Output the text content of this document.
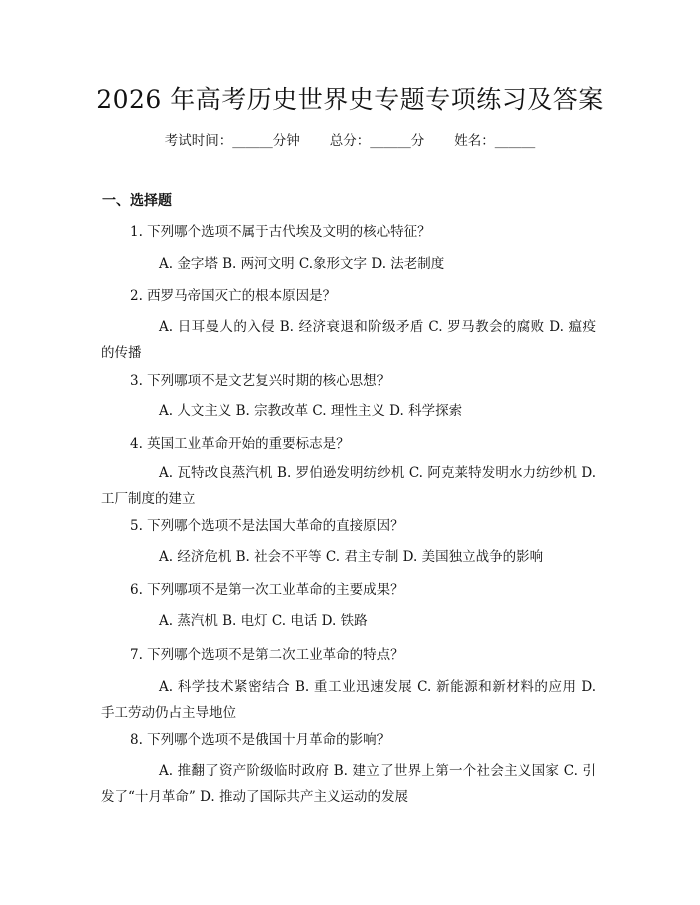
2026 年高考历史世界史专题专项练习及答案
考试时间：______分钟 总分：______分 姓名：______
一、选择题
1. 下列哪个选项不属于古代埃及文明的核心特征？
A. 金字塔 B. 两河文明 C.象形文字 D. 法老制度
2. 西罗马帝国灭亡的根本原因是？
A. 日耳曼人的入侵 B. 经济衰退和阶级矛盾 C. 罗马教会的腐败 D. 瘟疫的传播
3. 下列哪项不是文艺复兴时期的核心思想？
A. 人文主义 B. 宗教改革 C. 理性主义 D. 科学探索
4. 英国工业革命开始的重要标志是？
A. 瓦特改良蒸汽机 B. 罗伯逊发明纺纱机 C. 阿克莱特发明水力纺纱机 D. 工厂制度的建立
5. 下列哪个选项不是法国大革命的直接原因？
A. 经济危机 B. 社会不平等 C. 君主专制 D. 美国独立战争的影响
6. 下列哪项不是第一次工业革命的主要成果？
A. 蒸汽机 B. 电灯 C. 电话 D. 铁路
7. 下列哪个选项不是第二次工业革命的特点？
A. 科学技术紧密结合 B. 重工业迅速发展 C. 新能源和新材料的应用 D. 手工劳动仍占主导地位
8. 下列哪个选项不是俄国十月革命的影响？
A. 推翻了资产阶级临时政府 B. 建立了世界上第一个社会主义国家 C. 引发了“十月革命” D. 推动了国际共产主义运动的发展
